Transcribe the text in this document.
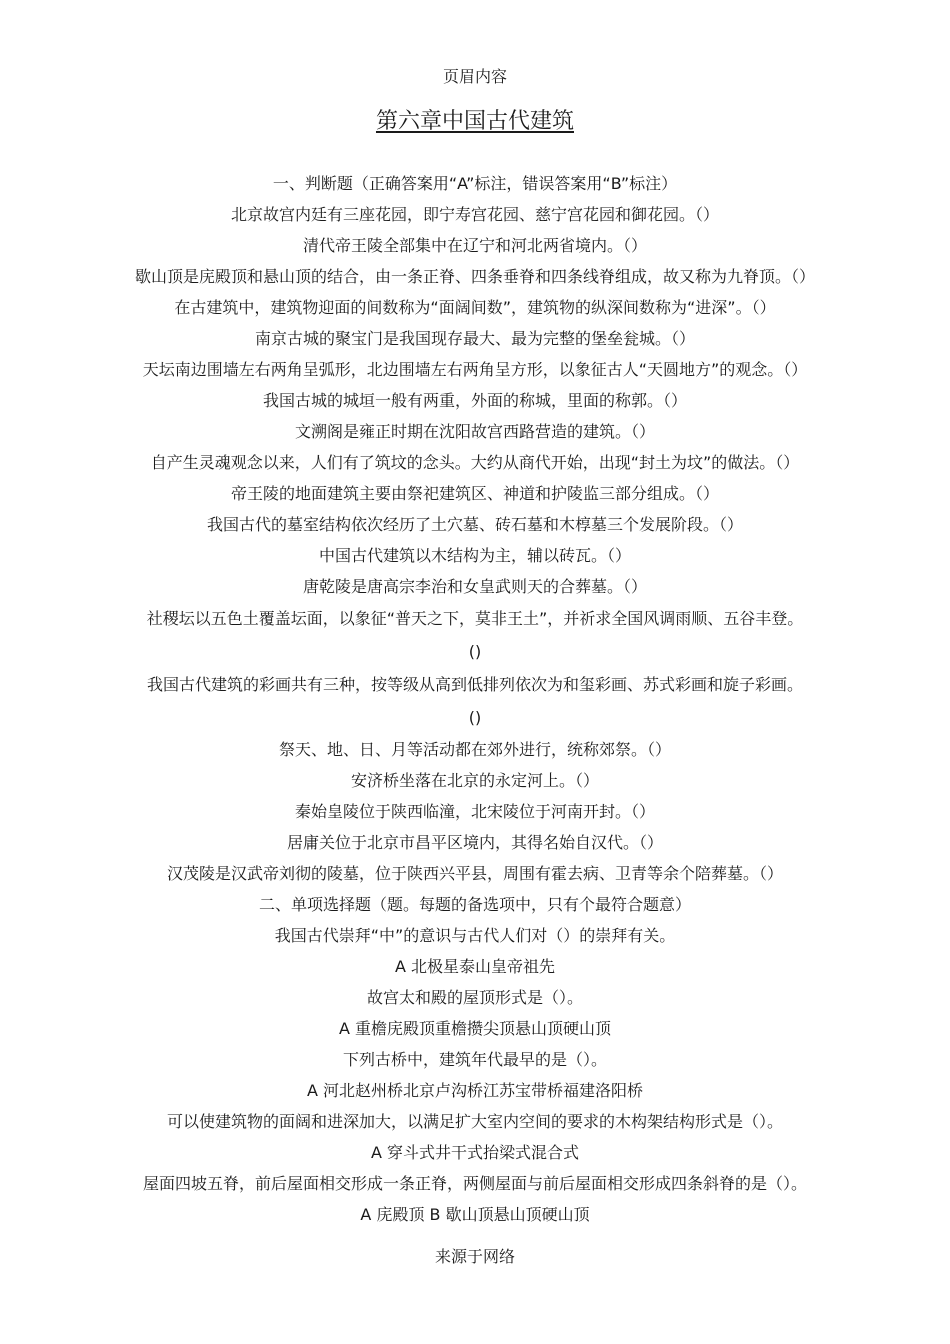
页眉内容
第六章中国古代建筑
一、判断题（正确答案用“A”标注，错误答案用“B”标注）
北京故宫内廷有三座花园，即宁寿宫花园、慈宁宫花园和御花园。（）
清代帝王陵全部集中在辽宁和河北两省境内。（）
歇山顶是庑殿顶和悬山顶的结合，由一条正脊、四条垂脊和四条线脊组成，故又称为九脊顶。（）
在古建筑中，建筑物迎面的间数称为“面阔间数”，建筑物的纵深间数称为“进深”。（）
南京古城的聚宝门是我国现存最大、最为完整的堡垒瓮城。（）
天坛南边围墙左右两角呈弧形，北边围墙左右两角呈方形，以象征古人“天圆地方”的观念。（）
我国古城的城垣一般有两重，外面的称城，里面的称郭。（）
文溯阁是雍正时期在沈阳故宫西路营造的建筑。（）
自产生灵魂观念以来，人们有了筑坟的念头。大约从商代开始，出现“封土为坟”的做法。（）
帝王陵的地面建筑主要由祭祀建筑区、神道和护陵监三部分组成。（）
我国古代的墓室结构依次经历了土穴墓、砖石墓和木椁墓三个发展阶段。（）
中国古代建筑以木结构为主，辅以砖瓦。（）
唐乾陵是唐高宗李治和女皇武则天的合葬墓。（）
社稷坛以五色土覆盖坛面，以象征“普天之下，莫非王土”，并祈求全国风调雨顺、五谷丰登。
()
我国古代建筑的彩画共有三种，按等级从高到低排列依次为和玺彩画、苏式彩画和旋子彩画。
()
祭天、地、日、月等活动都在郊外进行，统称郊祭。（）
安济桥坐落在北京的永定河上。（）
秦始皇陵位于陕西临潼，北宋陵位于河南开封。（）
居庸关位于北京市昌平区境内，其得名始自汉代。（）
汉茂陵是汉武帝刘彻的陵墓，位于陕西兴平县，周围有霍去病、卫青等余个陪葬墓。（）
二、单项选择题（题。每题的备选项中，只有个最符合题意）
我国古代崇拜“中”的意识与古代人们对（）的崇拜有关。
A 北极星泰山皇帝祖先
故宫太和殿的屋顶形式是（）。
A 重檐庑殿顶重檐攒尖顶悬山顶硬山顶
下列古桥中，建筑年代最早的是（）。
A 河北赵州桥北京卢沟桥江苏宝带桥福建洛阳桥
可以使建筑物的面阔和进深加大，以满足扩大室内空间的要求的木构架结构形式是（）。
A 穿斗式井干式抬梁式混合式
屋面四坡五脊，前后屋面相交形成一条正脊，两侧屋面与前后屋面相交形成四条斜脊的是（）。
A 庑殿顶 B 歇山顶悬山顶硬山顶
来源于网络
